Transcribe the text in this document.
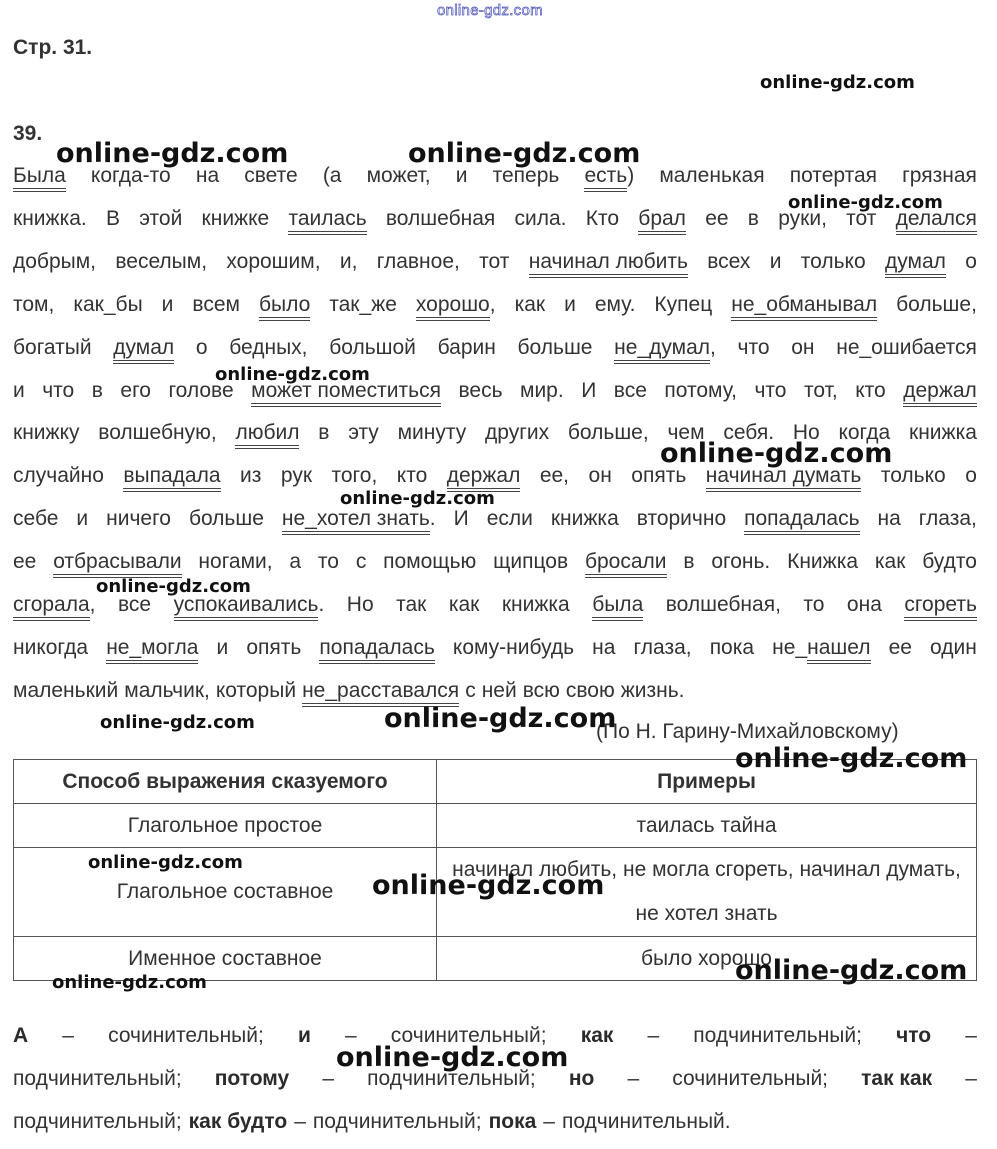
online-gdz.com
Стр. 31.
39.
Была когда-то на свете (а может, и теперь есть) маленькая потертая грязная
книжка. В этой книжке таилась волшебная сила. Кто брал ее в руки, тот делался
добрым, веселым, хорошим, и, главное, тот начинал любить всех и только думал о
том, как_бы и всем было так_же хорошо, как и ему. Купец не_обманывал больше,
богатый думал о бедных, большой барин больше не_думал, что он не_ошибается
и что в его голове может поместиться весь мир. И все потому, что тот, кто держал
книжку волшебную, любил в эту минуту других больше, чем себя. Но когда книжка
случайно выпадала из рук того, кто держал ее, он опять начинал думать только о
себе и ничего больше не_хотел знать. И если книжка вторично попадалась на глаза,
ее отбрасывали ногами, а то с помощью щипцов бросали в огонь. Книжка как будто
сгорала, все успокаивались. Но так как книжка была волшебная, то она сгореть
никогда не_могла и опять попадалась кому-нибудь на глаза, пока не_нашел ее один
маленький мальчик, который не_расставался с ней всю свою жизнь.
(По Н. Гарину-Михайловскому)
Способ выражения сказуемого	Примеры
Глагольное простое	таилась тайна
Глагольное составное	начинал любить, не могла сгореть, начинал думать, не хотел знать
Именное составное	было хорошо
А – сочинительный; и – сочинительный; как – подчинительный; что –
подчинительный; потому – подчинительный; но – сочинительный; так как –
подчинительный; как будто – подчинительный; пока – подчинительный.
online-gdz.com
online-gdz.com	online-gdz.com
online-gdz.com
online-gdz.com
online-gdz.com
online-gdz.com
online-gdz.com
online-gdz.com	online-gdz.com
online-gdz.com
online-gdz.com
online-gdz.com
online-gdz.com
online-gdz.com
online-gdz.com
